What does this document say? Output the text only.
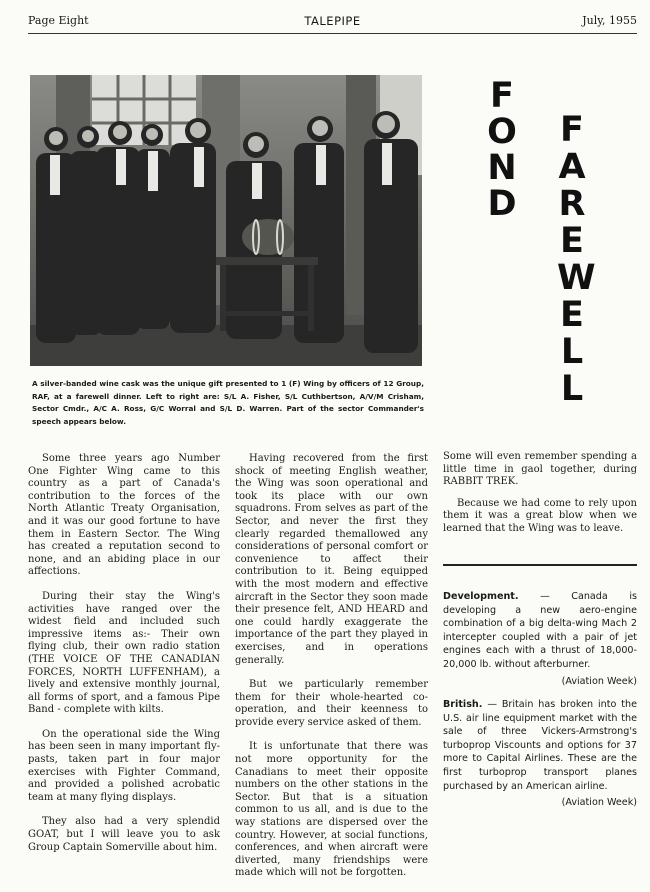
Page Eight	TALEPIPE	July, 1955
A silver-banded wine cask was the unique gift presented to 1 (F) Wing by officers of 12 Group, RAF, at a farewell dinner. Left to right are: S/L A. Fisher, S/L Cuthbertson, A/V/M Crisham, Sector Cmdr., A/C A. Ross, G/C Worral and S/L D. Warren. Part of the sector Commander's speech appears below.
F
O
N
D
F
A
R
E
W
E
L
L

Some three years ago Number One Fighter Wing came to this country as a part of Canada's contribution to the forces of the North Atlantic Treaty Organisation, and it was our good fortune to have them in Eastern Sector. The Wing has created a reputation second to none, and an abiding place in our affections.

During their stay the Wing's activities have ranged over the widest field and included such impressive items as:- Their own flying club, their own radio station (THE VOICE OF THE CANADIAN FORCES, NORTH LUFFENHAM), a lively and extensive monthly journal, all forms of sport, and a famous Pipe Band - complete with kilts.

On the operational side the Wing has been seen in many important fly-pasts, taken part in four major exercises with Fighter Command, and provided a polished acrobatic team at many flying displays.

They also had a very splendid GOAT, but I will leave you to ask Group Captain Somerville about him.

Having recovered from the first shock of meeting English weather, the Wing was soon operational and took its place with our own squadrons. From selves as part of the Sector, and never the first they clearly regarded themallowed any considerations of personal comfort or convenience to affect their contribution to it. Being equipped with the most modern and effective aircraft in the Sector they soon made their presence felt, AND HEARD and one could hardly exaggerate the importance of the part they played in exercises, and in operations generally.

But we particularly remember them for their whole-hearted co-operation, and their keenness to provide every service asked of them.

It is unfortunate that there was not more opportunity for the Canadians to meet their opposite numbers on the other stations in the Sector. But that is a situation common to us all, and is due to the way stations are dispersed over the country. However, at social functions, conferences, and when aircraft were diverted, many friendships were made which will not be forgotten.

Some will even remember spending a little time in gaol together, during RABBIT TREK.

Because we had come to rely upon them it was a great blow when we learned that the Wing was to leave.

Development. — Canada is developing a new aero-engine combination of a big delta-wing Mach 2 intercepter coupled with a pair of jet engines each with a thrust of 18,000-20,000 lb. without afterburner.
(Aviation Week)
British. — Britain has broken into the U.S. air line equipment market with the sale of three Vickers-Armstrong's turboprop Viscounts and options for 37 more to Capital Airlines. These are the first turboprop transport planes purchased by an American airline.
(Aviation Week)
